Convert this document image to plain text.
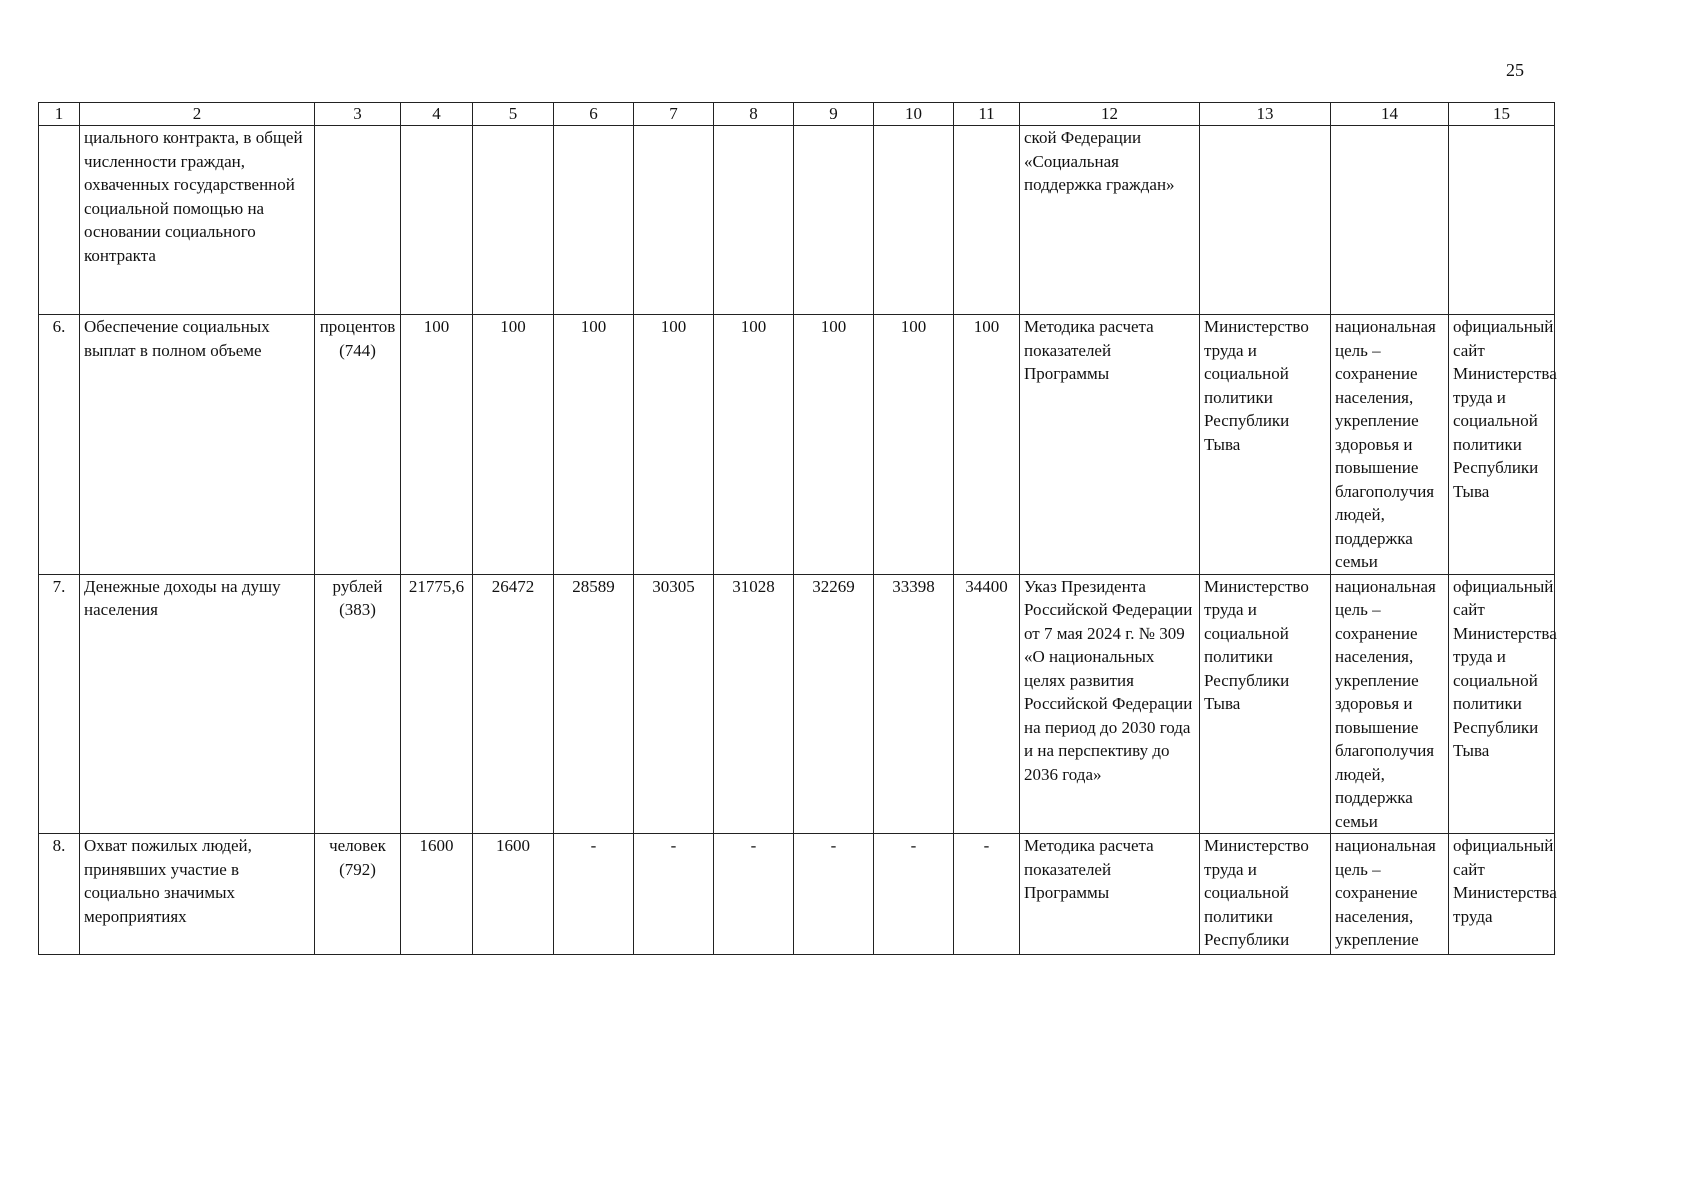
25
1	2	3	4	5	6	7	8	9	10	11	12	13	14	15
	циального контракта, в общей численности граждан, охваченных государственной социальной помощью на основании социального контракта										ской Федерации «Социальная поддержка граждан»			
6.	Обеспечение социальных выплат в полном объеме	процентов (744)	100	100	100	100	100	100	100	100	Методика расчета показателей Программы	Министерство труда и социальной политики Республики Тыва	национальная цель – сохранение населения, укрепление здоровья и повышение благополучия людей, поддержка семьи	официальный сайт Министерства труда и социальной политики Республики Тыва
7.	Денежные доходы на душу населения	рублей (383)	21775,6	26472	28589	30305	31028	32269	33398	34400	Указ Президента Российской Федерации от 7 мая 2024 г. № 309 «О национальных целях развития Российской Федерации на период до 2030 года и на перспективу до 2036 года»	Министерство труда и социальной политики Республики Тыва	национальная цель – сохранение населения, укрепление здоровья и повышение благополучия людей, поддержка семьи	официальный сайт Министерства труда и социальной политики Республики Тыва
8.	Охват пожилых людей, принявших участие в социально значимых мероприятиях	человек (792)	1600	1600	-	-	-	-	-	-	Методика расчета показателей Программы	Министерство труда и социальной политики Республики	национальная цель – сохранение населения, укрепление	официальный сайт Министерства труда
